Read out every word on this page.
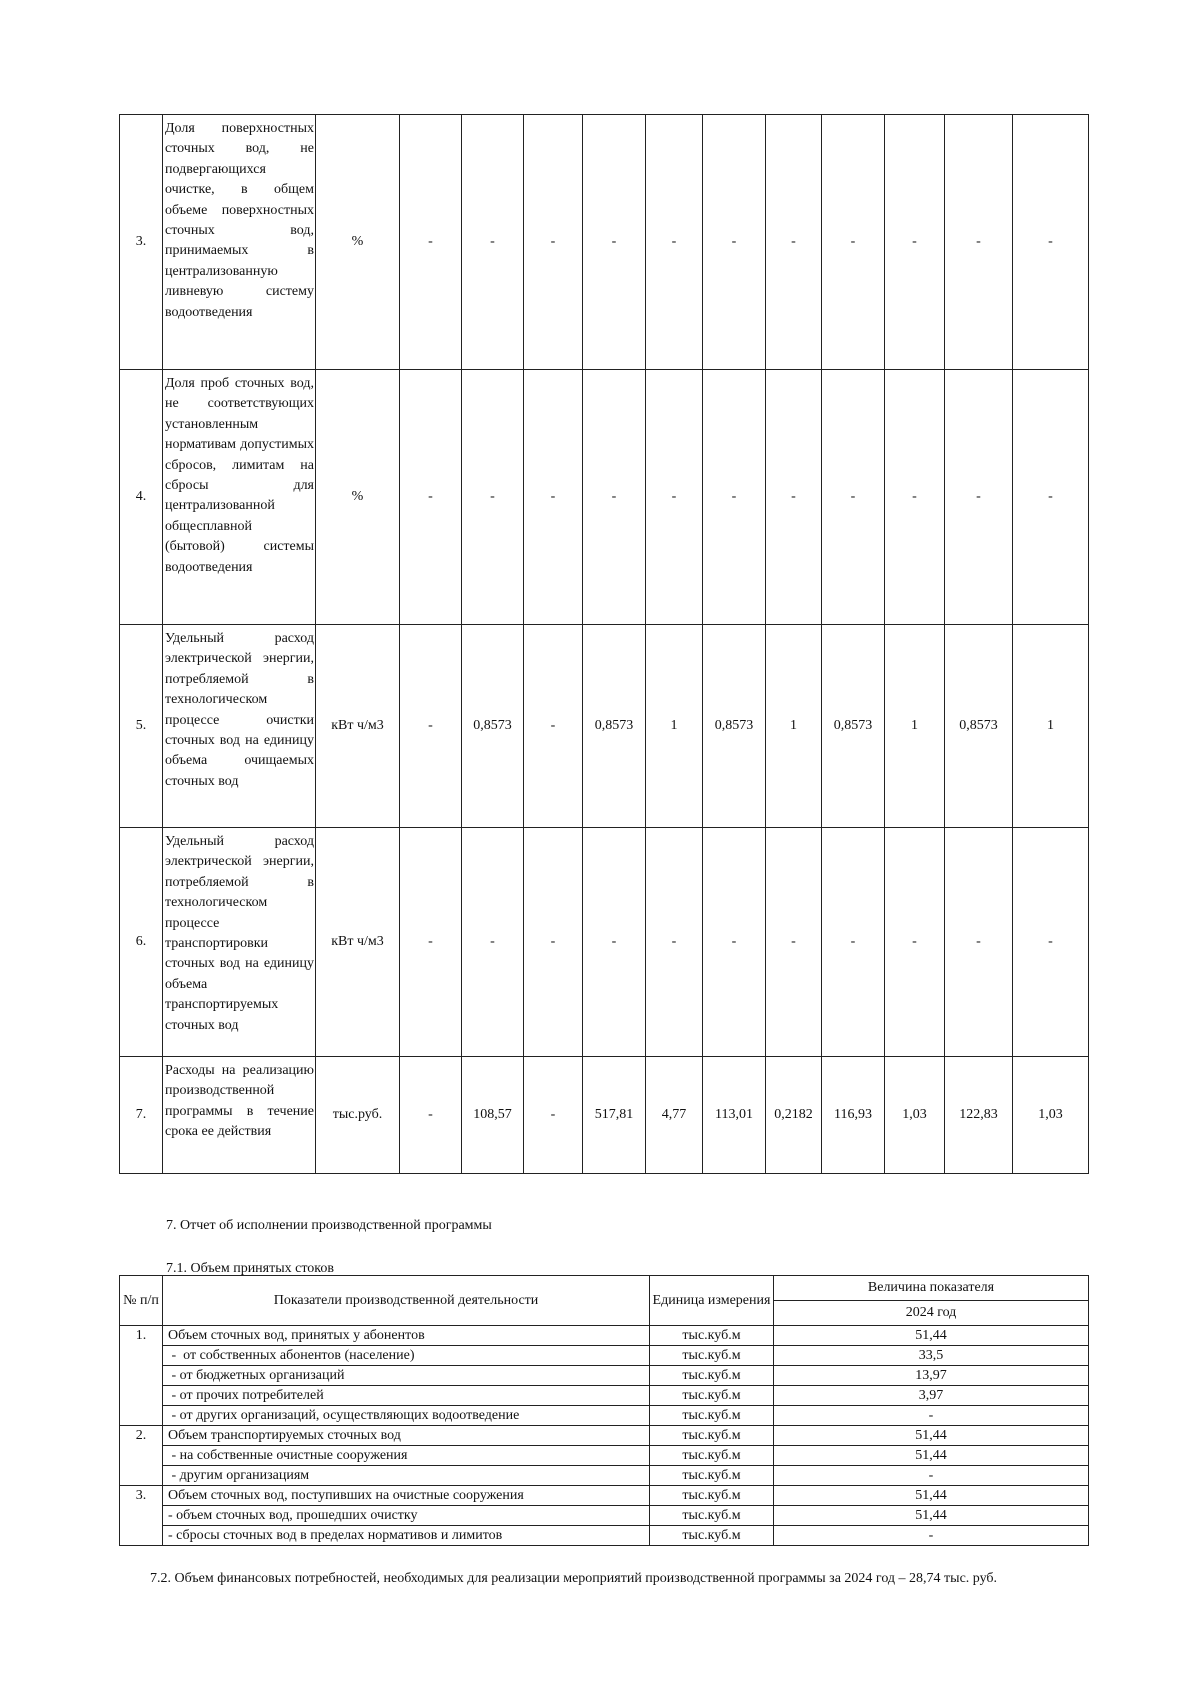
3.	Доля поверхностных сточных вод, не подвергающихся очистке, в общем объеме поверхностных сточных вод, принимаемых в централизованную ливневую систему водоотведения	%	-	-	-	-	-	-	-	-	-	-	-
4.	Доля проб сточных вод, не соответствующих установленным нормативам допустимых сбросов, лимитам на сбросы для централизованной общесплавной (бытовой) системы водоотведения	%	-	-	-	-	-	-	-	-	-	-	-
5.	Удельный расход электрической энергии, потребляемой в технологическом процессе очистки сточных вод на единицу объема очищаемых сточных вод	кВт ч/м3	-	0,8573	-	0,8573	1	0,8573	1	0,8573	1	0,8573	1
6.	Удельный расход электрической энергии, потребляемой в технологическом процессе транспортировки сточных вод на единицу объема транспортируемых сточных вод	кВт ч/м3	-	-	-	-	-	-	-	-	-	-	-
7.	Расходы на реализацию производственной программы в течение срока ее действия	тыс.руб.	-	108,57	-	517,81	4,77	113,01	0,2182	116,93	1,03	122,83	1,03
7. Отчет об исполнении производственной программы
7.1. Объем принятых стоков
№ п/п	Показатели производственной деятельности	Единица измерения	Величина показателя
			2024 год
1.	Объем сточных вод, принятых у абонентов	тыс.куб.м	51,44
	-  от собственных абонентов (население)	тыс.куб.м	33,5
	- от бюджетных организаций	тыс.куб.м	13,97
	- от прочих потребителей	тыс.куб.м	3,97
	- от других организаций, осуществляющих водоотведение	тыс.куб.м	-
2.	Объем транспортируемых сточных вод	тыс.куб.м	51,44
	- на собственные очистные сооружения	тыс.куб.м	51,44
	- другим организациям	тыс.куб.м	-
3.	Объем сточных вод, поступивших на очистные сооружения	тыс.куб.м	51,44
	- объем сточных вод, прошедших очистку	тыс.куб.м	51,44
	- сбросы сточных вод в пределах нормативов и лимитов	тыс.куб.м	-
7.2. Объем финансовых потребностей, необходимых для реализации мероприятий производственной программы за 2024 год – 28,74 тыс. руб.
